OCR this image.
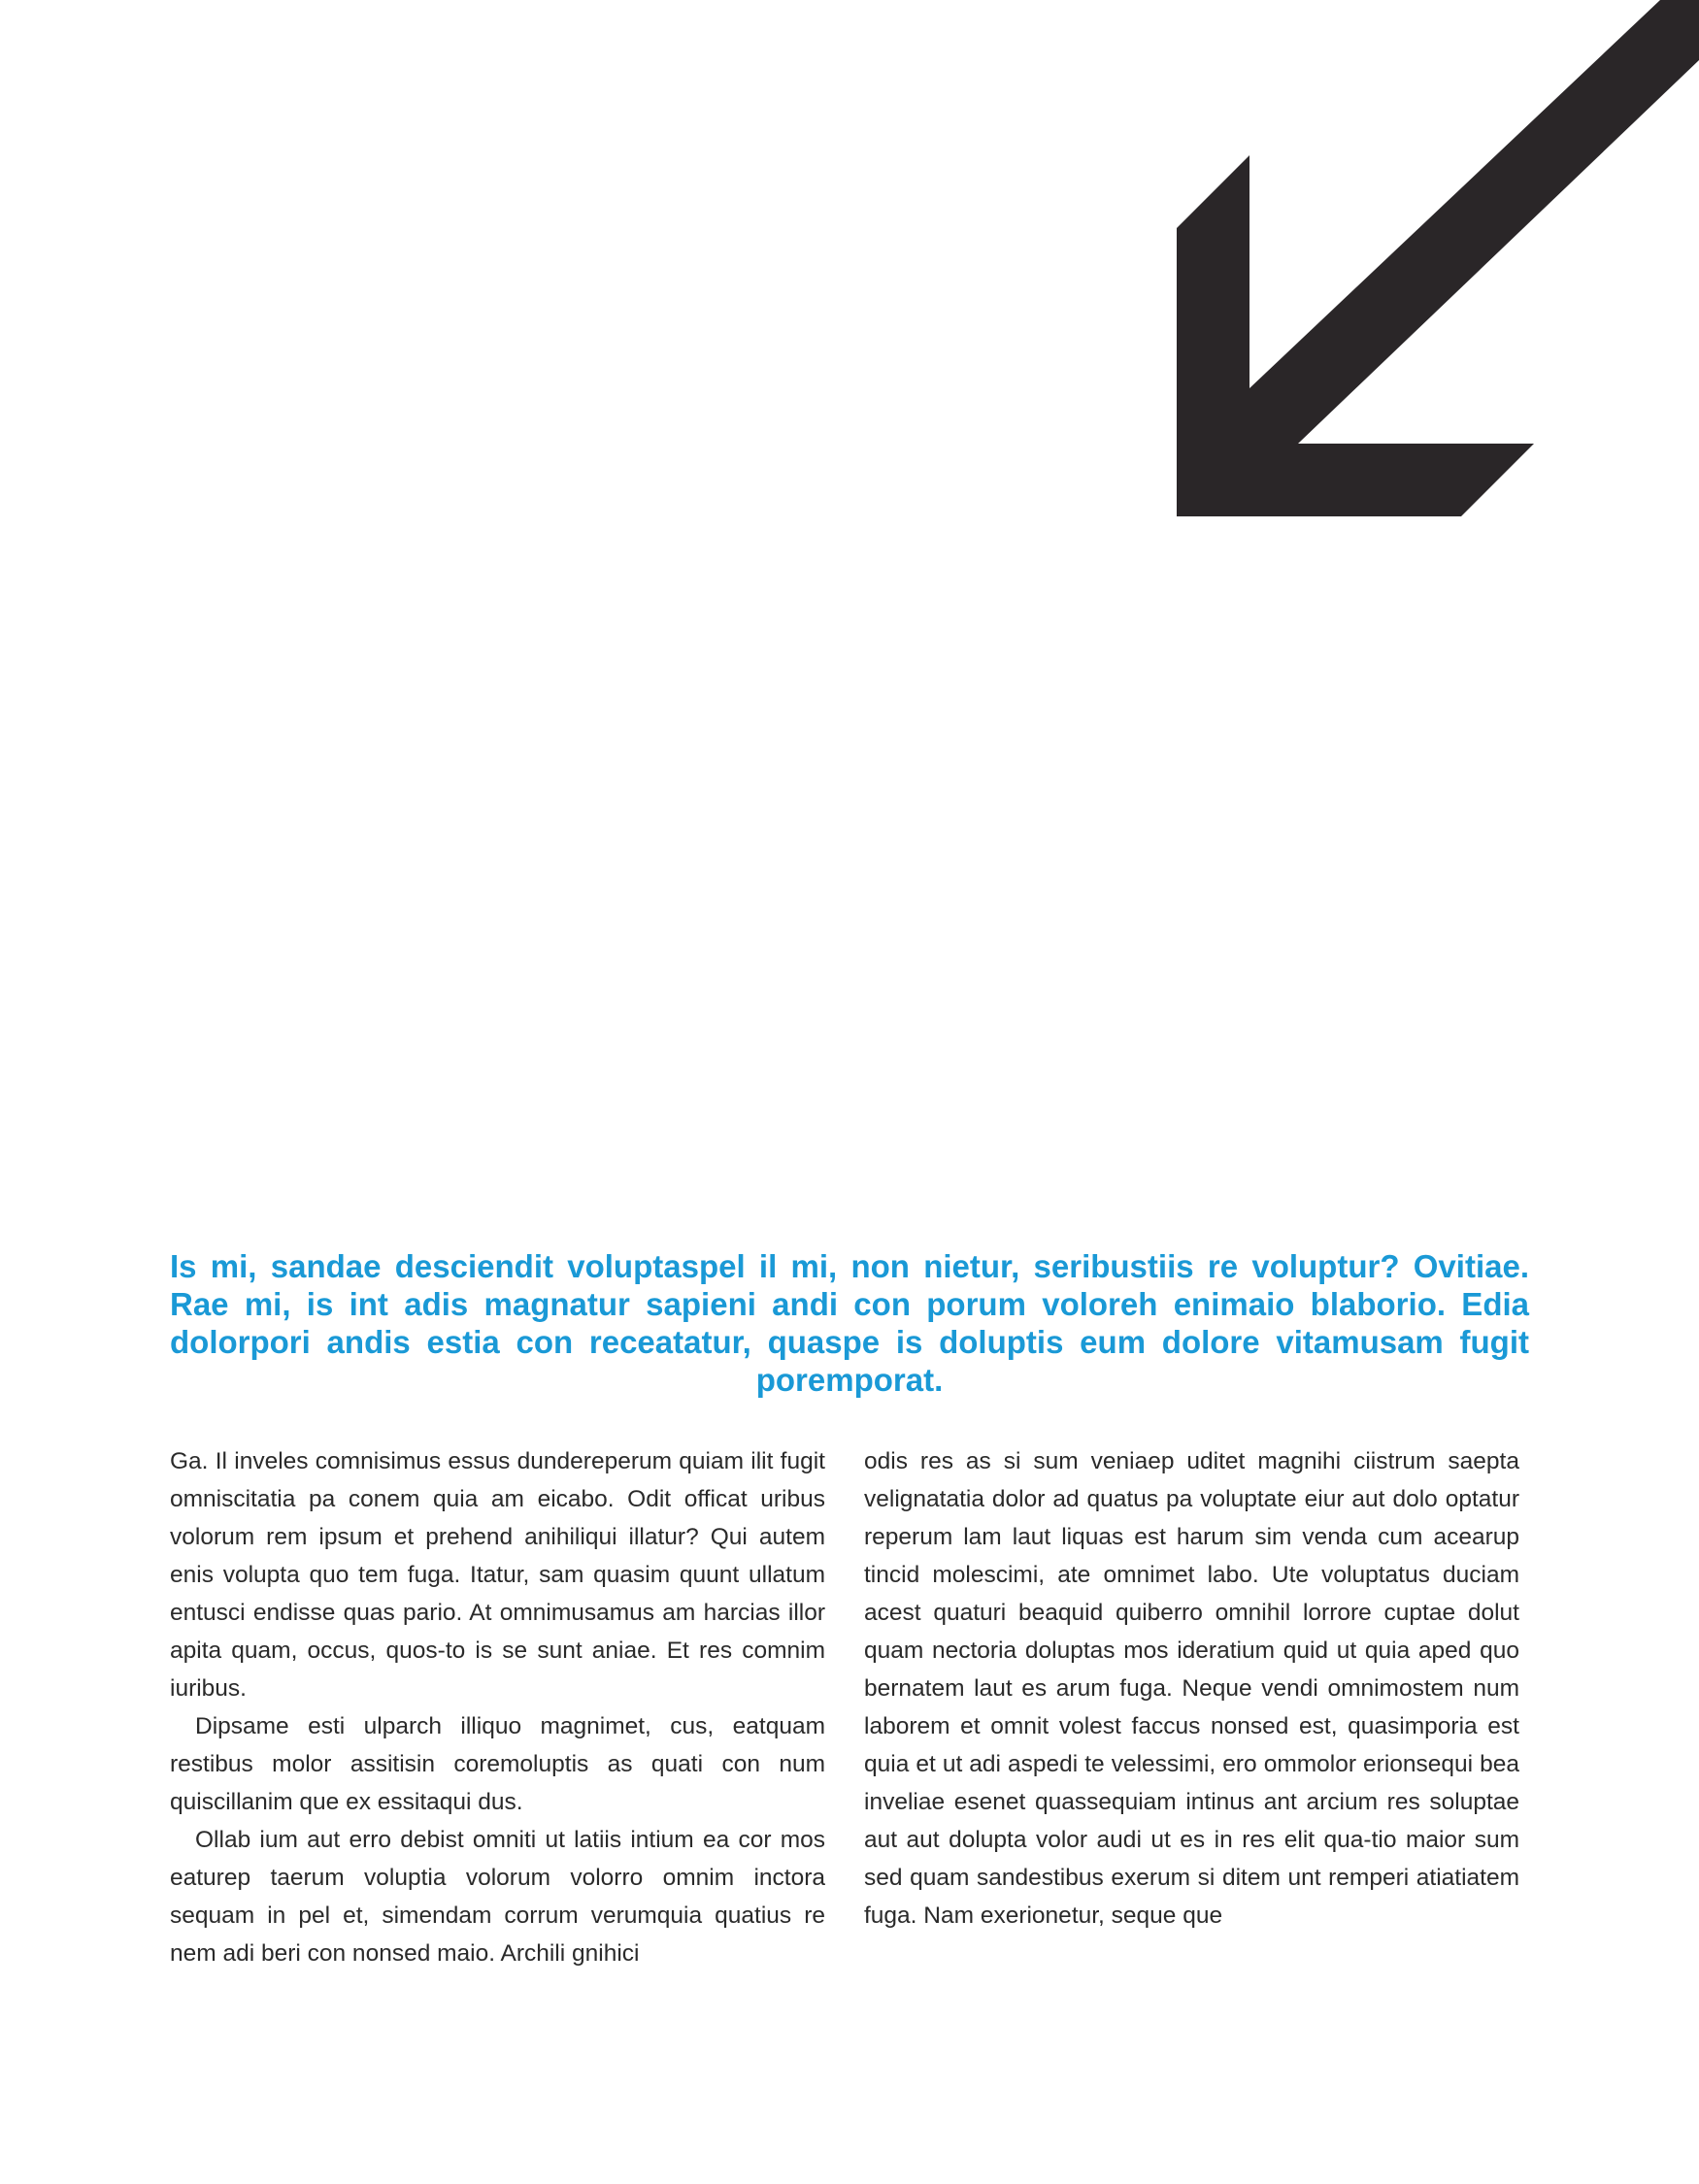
Is mi, sandae desciendit voluptaspel il mi, non nietur, seribustiis re voluptur? Ovitiae. Rae mi, is int adis magnatur sapieni andi con porum voloreh enimaio blaborio. Edia dolorpori andis estia con receatatur, quaspe is doluptis eum dolore vitamusam fugit poremporat.

Ga. Il inveles comnisimus essus dundereperum quiam ilit fugit omniscitatia pa conem quia am eicabo. Odit officat uribus volorum rem ipsum et prehend anihiliqui illatur? Qui autem enis volupta quo tem fuga. Itatur, sam quasim quunt ullatum entusci endisse quas pario. At omnimusamus am harcias illor apita quam, occus, quos-to is se sunt aniae. Et res comnim iuribus.

Dipsame esti ulparch illiquo magnimet, cus, eatquam restibus molor assitisin coremoluptis as quati con num quiscillanim que ex essitaqui dus.

Ollab ium aut erro debist omniti ut latiis intium ea cor mos eaturep taerum voluptia volorum volorro omnim inctora sequam in pel et, simendam corrum verumquia quatius re nem adi beri con nonsed maio. Archili gnihici

odis res as si sum veniaep uditet magnihi ciistrum saepta velignatatia dolor ad quatus pa voluptate eiur aut dolo optatur reperum lam laut liquas est harum sim venda cum acearup tincid molescimi, ate omnimet labo. Ute voluptatus duciam acest quaturi beaquid quiberro omnihil lorrore cuptae dolut quam nectoria doluptas mos ideratium quid ut quia aped quo bernatem laut es arum fuga. Neque vendi omnimostem num laborem et omnit volest faccus nonsed est, quasimporia est quia et ut adi aspedi te velessimi, ero ommolor erionsequi bea inveliae esenet quassequiam intinus ant arcium res soluptae aut aut dolupta volor audi ut es in res elit qua-tio maior sum sed quam sandestibus exerum si ditem unt remperi atiatiatem fuga. Nam exerionetur, seque que
